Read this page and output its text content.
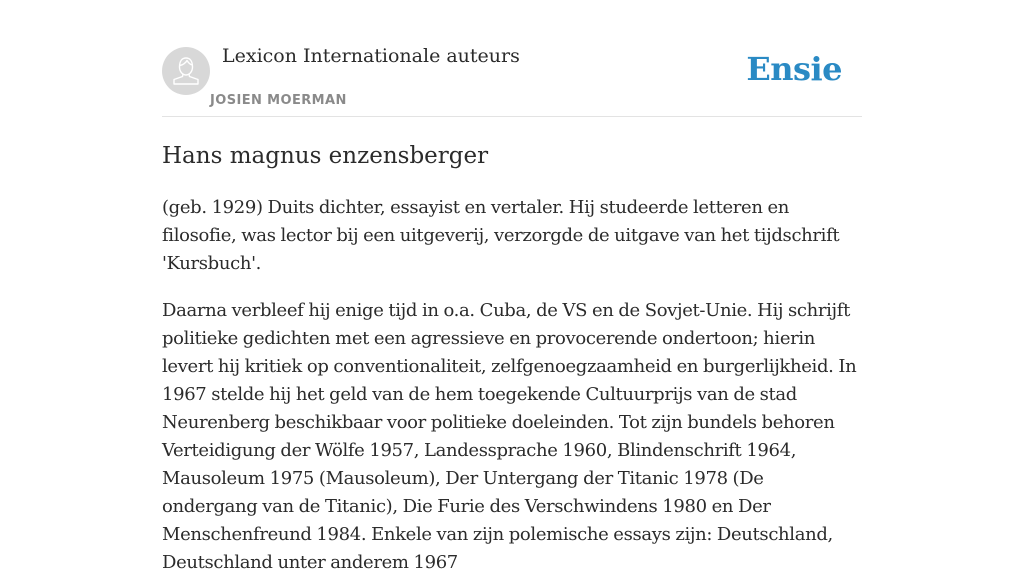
Lexicon Internationale auteurs
JOSIEN MOERMAN
Ensie
Hans magnus enzensberger

(geb. 1929) Duits dichter, essayist en vertaler. Hij studeerde letteren en filosofie, was lector bij een uitgeverij, verzorgde de uitgave van het tijdschrift 'Kursbuch'.

Daarna verbleef hij enige tijd in o.a. Cuba, de VS en de Sovjet-Unie. Hij schrijft politieke gedichten met een agressieve en provocerende ondertoon; hierin levert hij kritiek op conventionaliteit, zelfgenoegzaamheid en burgerlijkheid. In 1967 stelde hij het geld van de hem toegekende Cultuurprijs van de stad Neurenberg beschikbaar voor politieke doeleinden. Tot zijn bundels behoren Verteidigung der Wölfe 1957, Landessprache 1960, Blindenschrift 1964, Mausoleum 1975 (Mausoleum), Der Untergang der Titanic 1978 (De ondergang van de Titanic), Die Furie des Verschwindens 1980 en Der Menschenfreund 1984. Enkele van zijn polemische essays zijn: Deutschland, Deutschland unter anderem 1967
